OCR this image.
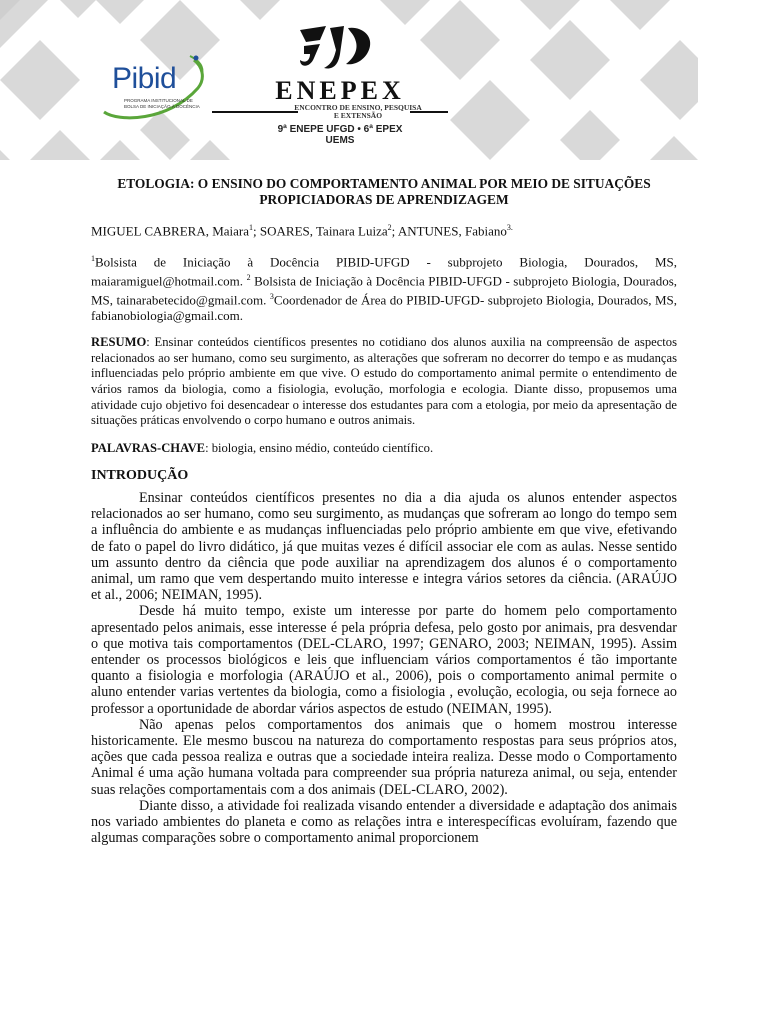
Pibid
PROGRAMA INSTITUCIONAL DE BOLSA DE INICIAÇÃO À DOCÊNCIA
ENEPEX
ENCONTRO DE ENSINO, PESQUISA E EXTENSÃO
9ª ENEPE UFGD • 6ª EPEX UEMS
ETOLOGIA: O ENSINO DO COMPORTAMENTO ANIMAL POR MEIO DE SITUAÇÕES PROPICIADORAS DE APRENDIZAGEM
MIGUEL CABRERA, Maiara$^1$; SOARES, Tainara Luiza$^2$; ANTUNES, Fabiano$^{3.}$
$^1$Bolsista de Iniciação à Docência PIBID-UFGD - subprojeto Biologia, Dourados, MS, maiaramiguel@hotmail.com. $^2$ Bolsista de Iniciação à Docência PIBID-UFGD - subprojeto Biologia, Dourados, MS, tainarabetecido@gmail.com. $^3$Coordenador de Área do PIBID-UFGD- subprojeto Biologia, Dourados, MS, fabianobiologia@gmail.com.
RESUMO: Ensinar conteúdos científicos presentes no cotidiano dos alunos auxilia na compreensão de aspectos relacionados ao ser humano, como seu surgimento, as alterações que sofreram no decorrer do tempo e as mudanças influenciadas pelo próprio ambiente em que vive. O estudo do comportamento animal permite o entendimento de vários ramos da biologia, como a fisiologia, evolução, morfologia e ecologia. Diante disso, propusemos uma atividade cujo objetivo foi desencadear o interesse dos estudantes para com a etologia, por meio da apresentação de situações práticas envolvendo o corpo humano e outros animais.
PALAVRAS-CHAVE: biologia, ensino médio, conteúdo científico.
INTRODUÇÃO

Ensinar conteúdos científicos presentes no dia a dia ajuda os alunos entender aspectos relacionados ao ser humano, como seu surgimento, as mudanças que sofreram ao longo do tempo sem a influência do ambiente e as mudanças influenciadas pelo próprio ambiente em que vive, efetivando de fato o papel do livro didático, já que muitas vezes é difícil associar ele com as aulas. Nesse sentido um assunto dentro da ciência que pode auxiliar na aprendizagem dos alunos é o comportamento animal, um ramo que vem despertando muito interesse e integra vários setores da ciência. (ARAÚJO et al., 2006; NEIMAN, 1995).

Desde há muito tempo, existe um interesse por parte do homem pelo comportamento apresentado pelos animais, esse interesse é pela própria defesa, pelo gosto por animais, pra desvendar o que motiva tais comportamentos (DEL-CLARO, 1997; GENARO, 2003; NEIMAN, 1995). Assim entender os processos biológicos e leis que influenciam vários comportamentos é tão importante quanto a fisiologia e morfologia (ARAÚJO et al., 2006), pois o comportamento animal permite o aluno entender varias vertentes da biologia, como a fisiologia , evolução, ecologia, ou seja fornece ao professor a oportunidade de abordar vários aspectos de estudo (NEIMAN, 1995).

Não apenas pelos comportamentos dos animais que o homem mostrou interesse historicamente. Ele mesmo buscou na natureza do comportamento respostas para seus próprios atos, ações que cada pessoa realiza e outras que a sociedade inteira realiza. Desse modo o Comportamento Animal é uma ação humana voltada para compreender sua própria natureza animal, ou seja, entender suas relações comportamentais com a dos animais (DEL-CLARO, 2002).

Diante disso, a atividade foi realizada visando entender a diversidade e adaptação dos animais nos variado ambientes do planeta e como as relações intra e interespecíficas evoluíram, fazendo que algumas comparações sobre o comportamento animal proporcionem
